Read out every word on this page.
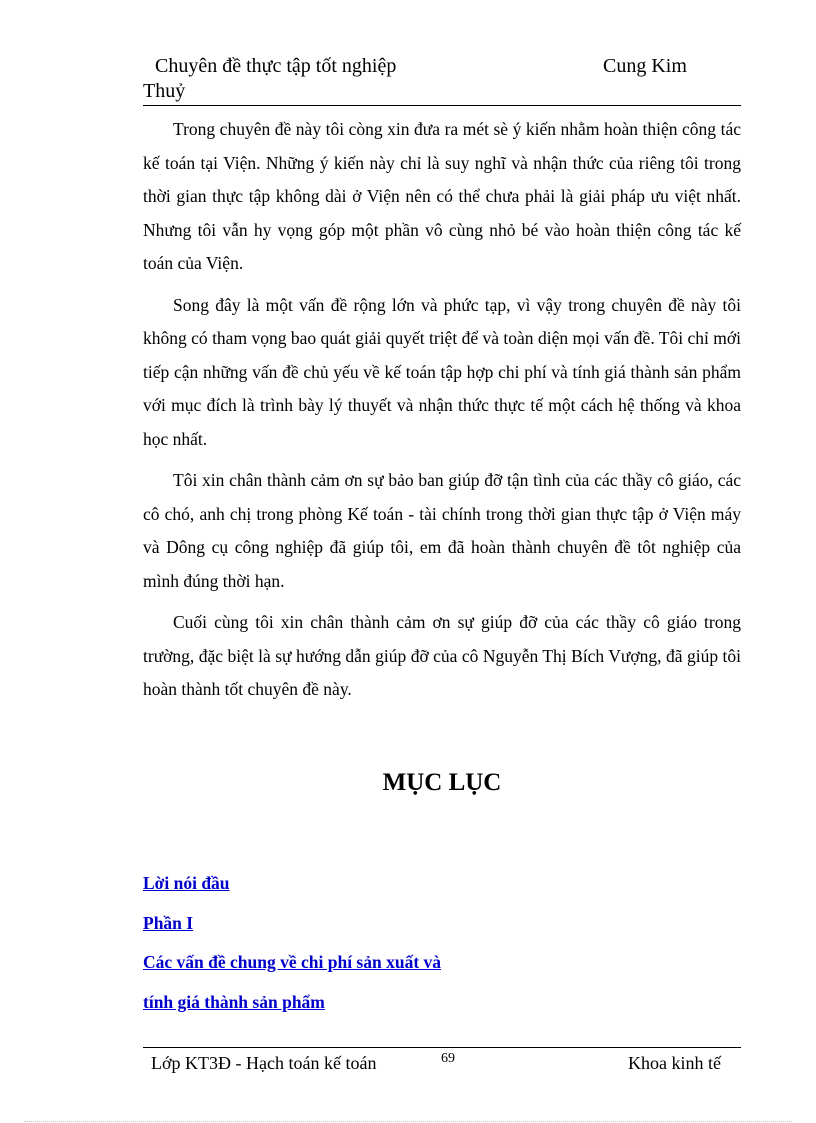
Chuyên đề thực tập tốt nghiệp	Cung Kim
Thuỷ

Trong chuyên đề này tôi còng xin đưa ra mét sè ý kiến nhằm hoàn thiện công tác kế toán tại Viện. Những ý kiến này chỉ là suy nghĩ và nhận thức của riêng tôi trong thời gian thực tập không dài ở Viện nên có thể chưa phải là giải pháp ưu việt nhất. Nhưng tôi vẫn hy vọng góp một phần vô cùng nhỏ bé vào hoàn thiện công tác kế toán của Viện.

Song đây là một vấn đề rộng lớn và phức tạp, vì vậy trong chuyên đề này tôi không có tham vọng bao quát giải quyết triệt để và toàn diện mọi vấn đề. Tôi chỉ mới tiếp cận những vấn đề chủ yếu về kế toán tập hợp chi phí và tính giá thành sản phẩm với mục đích là trình bày lý thuyết và nhận thức thực tế một cách hệ thống và khoa học nhất.

Tôi xin chân thành cảm ơn sự bảo ban giúp đỡ tận tình của các thầy cô giáo, các cô chó, anh chị trong phòng Kế toán - tài chính trong thời gian thực tập ở Viện máy và Dông cụ công nghiệp đã giúp tôi, em đã hoàn thành chuyên đề tôt nghiệp của mình đúng thời hạn.

Cuối cùng tôi xin chân thành cảm ơn sự giúp đỡ của các thầy cô giáo trong trường, đặc biệt là sự hướng dẫn giúp đỡ của cô Nguyễn Thị Bích Vượng, đã giúp tôi hoàn thành tốt chuyên đề này.

MỤC LỤC
Lời nói đầu
Phần I
Các vấn đề chung về chi phí sản xuất và
tính giá thành sản phẩm
Lớp KT3Đ - Hạch toán kế toán	69	Khoa kinh tế
